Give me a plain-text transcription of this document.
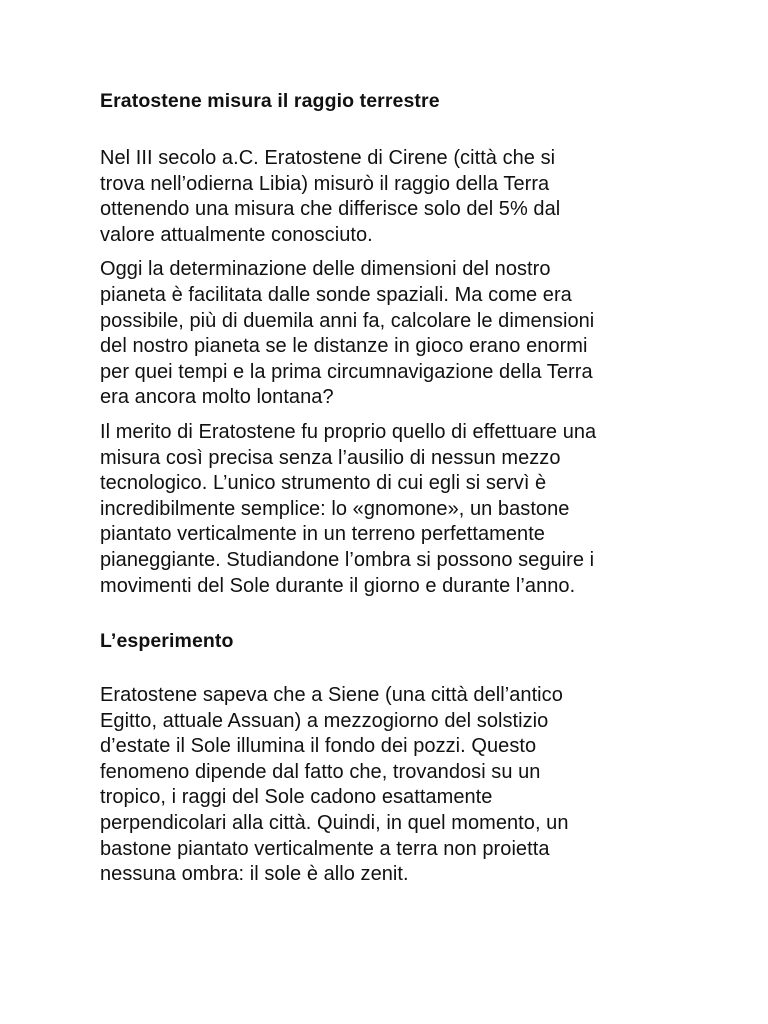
Eratostene misura il raggio terrestre

Nel III secolo a.C. Eratostene di Cirene (città che si
trova nell’odierna Libia) misurò il raggio della Terra
ottenendo una misura che differisce solo del 5% dal
valore attualmente conosciuto.

Oggi la determinazione delle dimensioni del nostro
pianeta è facilitata dalle sonde spaziali. Ma come era
possibile, più di duemila anni fa, calcolare le dimensioni
del nostro pianeta se le distanze in gioco erano enormi
per quei tempi e la prima circumnavigazione della Terra
era ancora molto lontana?

Il merito di Eratostene fu proprio quello di effettuare una
misura così precisa senza l’ausilio di nessun mezzo
tecnologico. L’unico strumento di cui egli si servì è
incredibilmente semplice: lo «gnomone», un bastone
piantato verticalmente in un terreno perfettamente
pianeggiante. Studiandone l’ombra si possono seguire i
movimenti del Sole durante il giorno e durante l’anno.

L’esperimento

Eratostene sapeva che a Siene (una città dell’antico
Egitto, attuale Assuan) a mezzogiorno del solstizio
d’estate il Sole illumina il fondo dei pozzi. Questo
fenomeno dipende dal fatto che, trovandosi su un
tropico, i raggi del Sole cadono esattamente
perpendicolari alla città. Quindi, in quel momento, un
bastone piantato verticalmente a terra non proietta
nessuna ombra: il sole è allo zenit.
